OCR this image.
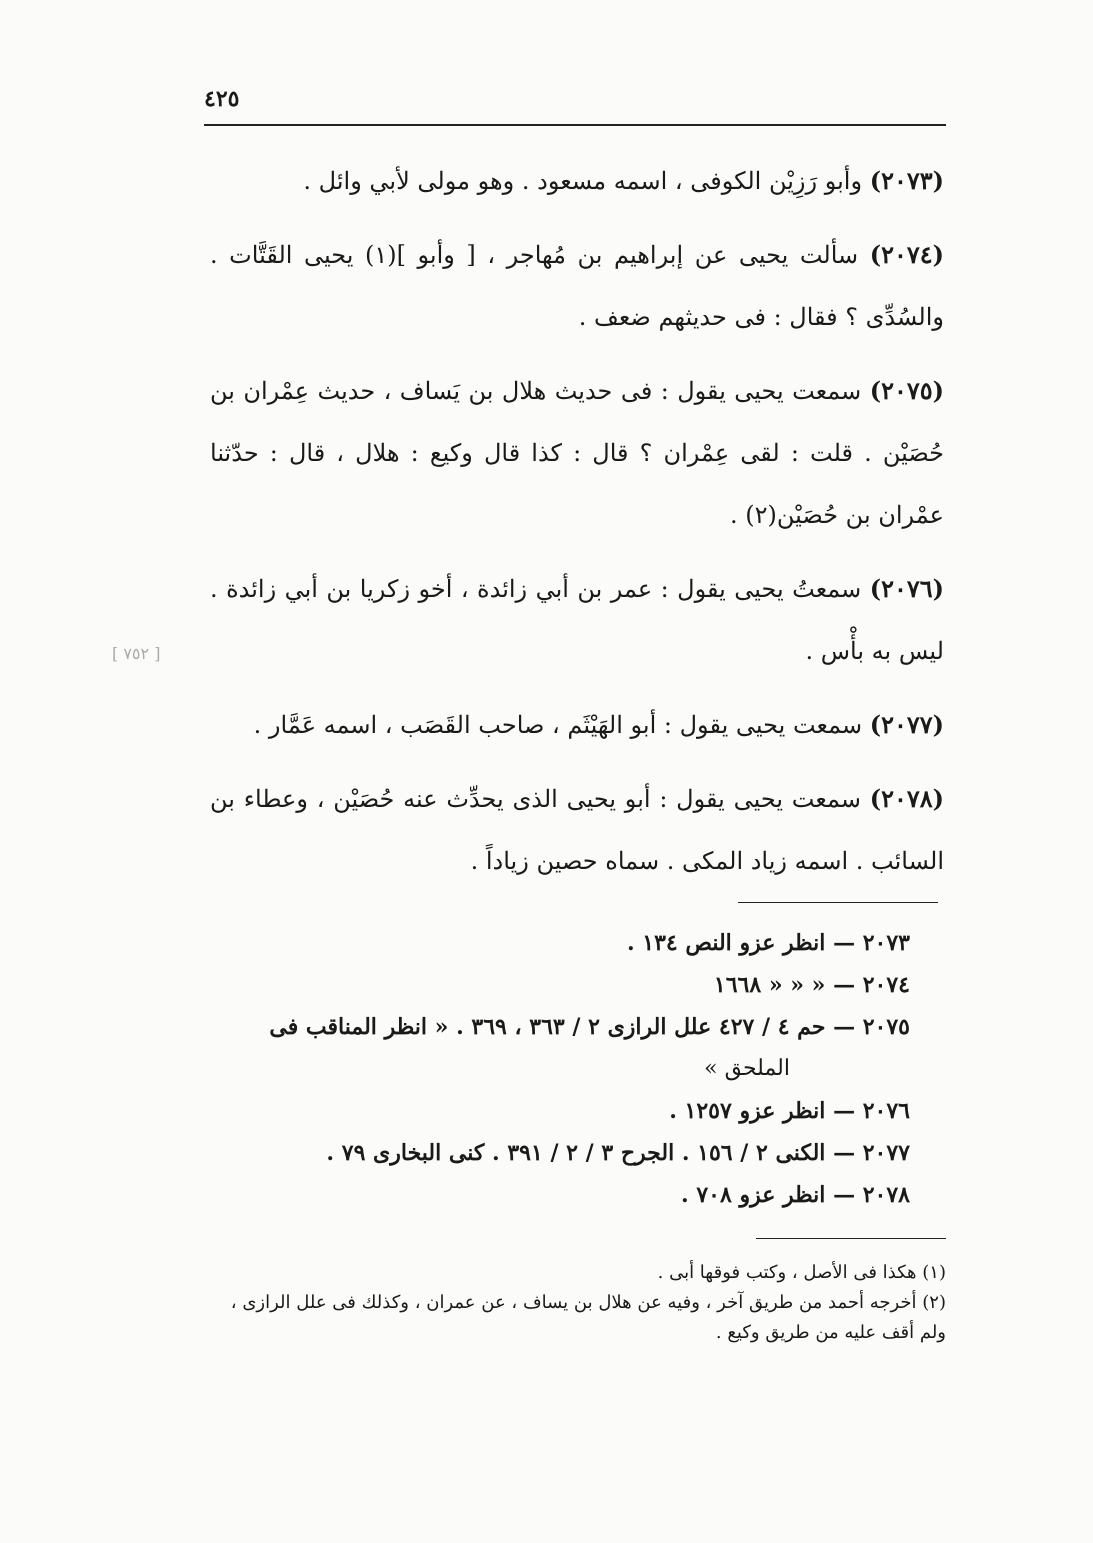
٤٢٥

(٢٠٧٣) وأبو رَزِيْن الكوفى ، اسمه مسعود . وهو مولى لأبي وائل .

(٢٠٧٤) سألت يحيى عن إبراهيم بن مُهاجر ، [ وأبو ](١) يحيى القَتَّات . والسُدِّى ؟ فقال : فى حديثهم ضعف .

(٢٠٧٥) سمعت يحيى يقول : فى حديث هلال بن يَساف ، حديث عِمْران بن حُصَيْن . قلت : لقى عِمْران ؟ قال : كذا قال وكيع : هلال ، قال : حدّثنا عمْران بن حُصَيْن(٢) .

(٢٠٧٦) سمعتُ يحيى يقول : عمر بن أبي زائدة ، أخو زكريا بن أبي زائدة . ليس به بأْس .

(٢٠٧٧) سمعت يحيى يقول : أبو الهَيْثَم ، صاحب القَصَب ، اسمه عَمَّار .

(٢٠٧٨) سمعت يحيى يقول : أبو يحيى الذى يحدِّث عنه حُصَيْن ، وعطاء بن السائب . اسمه زياد المكى . سماه حصين زياداً .

٢٠٧٣ — انظر عزو النص ١٣٤ .

٢٠٧٤ — « « « ١٦٦٨

٢٠٧٥ — حم ٤ / ٤٢٧ علل الرازى ٢ / ٣٦٣ ، ٣٦٩ . « انظر المناقب فى

الملحق »

٢٠٧٦ — انظر عزو ١٢٥٧ .

٢٠٧٧ — الكنى ٢ / ١٥٦ . الجرح ٣ / ٢ / ٣٩١ . كنى البخارى ٧٩ .

٢٠٧٨ — انظر عزو ٧٠٨ .

(١) هكذا فى الأصل ، وكتب فوقها أبى .

(٢) أخرجه أحمد من طريق آخر ، وفيه عن هلال بن يساف ، عن عمران ، وكذلك فى علل الرازى ، ولم أقف عليه من طريق وكيع .

[ ٧٥٢ ]
